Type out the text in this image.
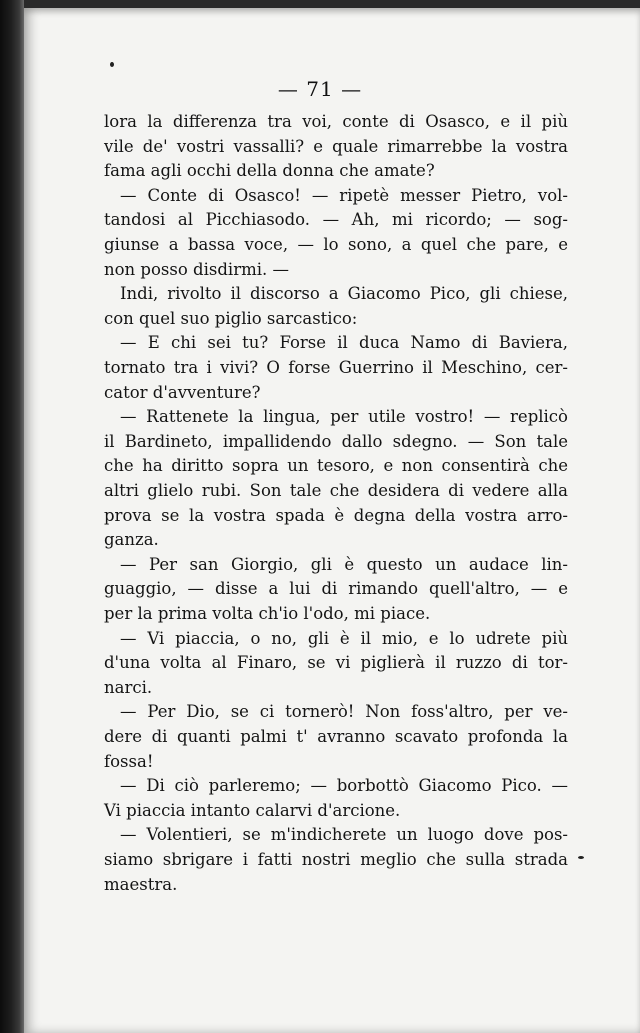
— 71 —
lora la differenza tra voi, conte di Osasco, e il più
vile de' vostri vassalli? e quale rimarrebbe la vostra
fama agli occhi della donna che amate?
— Conte di Osasco! — ripetè messer Pietro, vol-
tandosi al Picchiasodo. — Ah, mi ricordo; — sog-
giunse a bassa voce, — lo sono, a quel che pare, e
non posso disdirmi. —
Indi, rivolto il discorso a Giacomo Pico, gli chiese,
con quel suo piglio sarcastico:
— E chi sei tu? Forse il duca Namo di Baviera,
tornato tra i vivi? O forse Guerrino il Meschino, cer-
cator d'avventure?
— Rattenete la lingua, per utile vostro! — replicò
il Bardineto, impallidendo dallo sdegno. — Son tale
che ha diritto sopra un tesoro, e non consentirà che
altri glielo rubi. Son tale che desidera di vedere alla
prova se la vostra spada è degna della vostra arro-
ganza.
— Per san Giorgio, gli è questo un audace lin-
guaggio, — disse a lui di rimando quell'altro, — e
per la prima volta ch'io l'odo, mi piace.
— Vi piaccia, o no, gli è il mio, e lo udrete più
d'una volta al Finaro, se vi piglierà il ruzzo di tor-
narci.
— Per Dio, se ci tornerò! Non foss'altro, per ve-
dere di quanti palmi t' avranno scavato profonda la
fossa!
— Di ciò parleremo; — borbottò Giacomo Pico. —
Vi piaccia intanto calarvi d'arcione.
— Volentieri, se m'indicherete un luogo dove pos-
siamo sbrigare i fatti nostri meglio che sulla strada
maestra.
